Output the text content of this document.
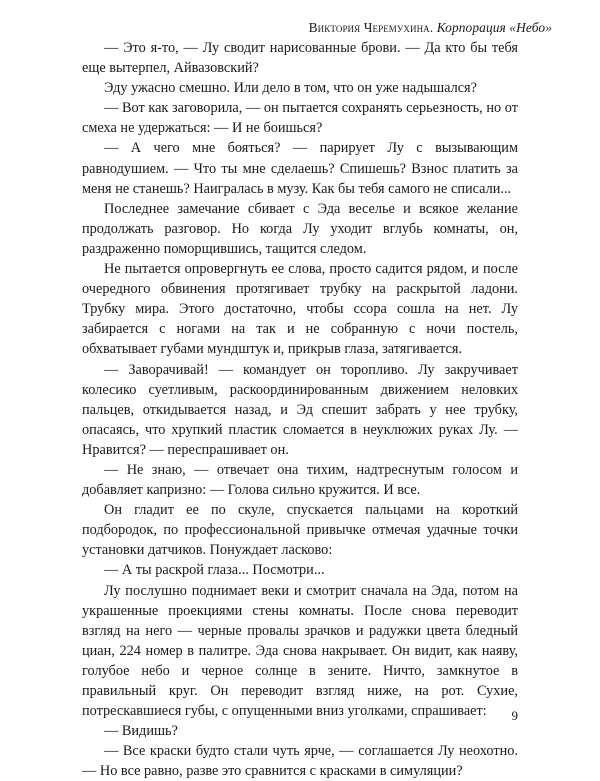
Виктория Черемухина. Корпорация «Небо»

— Это я-то, — Лу сводит нарисованные брови. — Да кто бы тебя еще вытерпел, Айвазовский?

Эду ужасно смешно. Или дело в том, что он уже надышался?

— Вот как заговорила, — он пытается сохранять серьезность, но от смеха не удержаться: — И не боишься?

— А чего мне бояться? — парирует Лу с вызывающим равнодушием. — Что ты мне сделаешь? Спишешь? Взнос платить за меня не станешь? Наигралась в музу. Как бы тебя самого не списали...

Последнее замечание сбивает с Эда веселье и всякое желание продолжать разговор. Но когда Лу уходит вглубь комнаты, он, раздраженно поморщившись, тащится следом.

Не пытается опровергнуть ее слова, просто садится рядом, и после очередного обвинения протягивает трубку на раскрытой ладони. Трубку мира. Этого достаточно, чтобы ссора сошла на нет. Лу забирается с ногами на так и не собранную с ночи постель, обхватывает губами мундштук и, прикрыв глаза, затягивается.

— Заворачивай! — командует он торопливо. Лу закручивает колесико суетливым, раскоординированным движением неловких пальцев, откидывается назад, и Эд спешит забрать у нее трубку, опасаясь, что хрупкий пластик сломается в неуклюжих руках Лу. — Нравится? — переспрашивает он.

— Не знаю, — отвечает она тихим, надтреснутым голосом и добавляет капризно: — Голова сильно кружится. И все.

Он гладит ее по скуле, спускается пальцами на короткий подбородок, по профессиональной привычке отмечая удачные точки установки датчиков. Понуждает ласково:

— А ты раскрой глаза... Посмотри...

Лу послушно поднимает веки и смотрит сначала на Эда, потом на украшенные проекциями стены комнаты. После снова переводит взгляд на него — черные провалы зрачков и радужки цвета бледный циан, 224 номер в палитре. Эда снова накрывает. Он видит, как наяву, голубое небо и черное солнце в зените. Ничто, замкнутое в правильный круг. Он переводит взгляд ниже, на рот. Сухие, потрескавшиеся губы, с опущенными вниз уголками, спрашивает:

— Видишь?

— Все краски будто стали чуть ярче, — соглашается Лу неохотно. — Но все равно, разве это сравнится с красками в симуляции?

9
